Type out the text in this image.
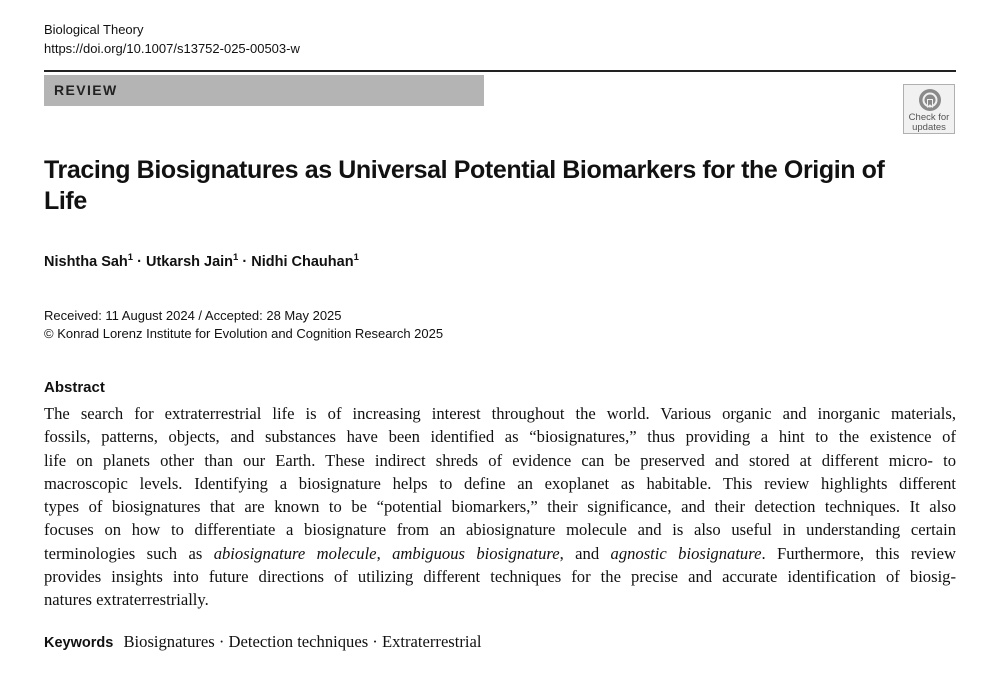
Biological Theory
https://doi.org/10.1007/s13752-025-00503-w
REVIEW
Check for
updates
Tracing Biosignatures as Universal Potential Biomarkers for the Origin of Life
Nishtha Sah$^1$ · Utkarsh Jain$^1$ · Nidhi Chauhan$^1$
Received: 11 August 2024 / Accepted: 28 May 2025
© Konrad Lorenz Institute for Evolution and Cognition Research 2025
Abstract
The search for extraterrestrial life is of increasing interest throughout the world. Various organic and inorganic materials,
fossils, patterns, objects, and substances have been identified as “biosignatures,” thus providing a hint to the existence of
life on planets other than our Earth. These indirect shreds of evidence can be preserved and stored at different micro- to
macroscopic levels. Identifying a biosignature helps to define an exoplanet as habitable. This review highlights different
types of biosignatures that are known to be “potential biomarkers,” their significance, and their detection techniques. It also
focuses on how to differentiate a biosignature from an abiosignature molecule and is also useful in understanding certain
terminologies such as abiosignature molecule, ambiguous biosignature, and agnostic biosignature. Furthermore, this review
provides insights into future directions of utilizing different techniques for the precise and accurate identification of biosig-
natures extraterrestrially.
Keywords Biosignatures · Detection techniques · Extraterrestrial
